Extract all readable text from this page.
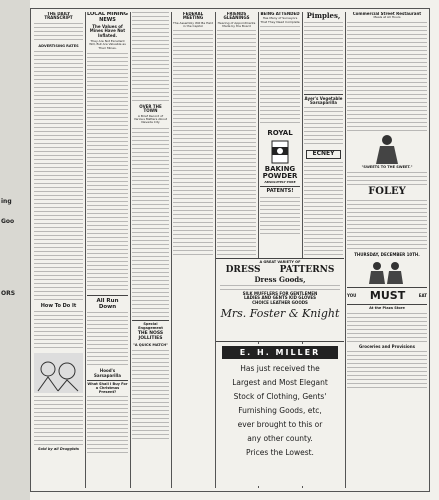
ing
Goo
ORS
THE DAILY TRANSCRIPT
ADVERTISING RATES
How To Do It
Sold by all Druggists
LOCAL MINING NEWS
The Values of Mines Have Not Inflated.
They Are Not Excellent Will, But Are Valuable as Their Mines.
All Run Down
Hood's Sarsaparilla
What Shall I Buy For a Christmas Present?
OVER THE TOWN
A Brief Record of Various Matters About Nevada City
Special Engagement
THE NOSS JOLLITIES
"A QUICK MATCH"
FEDERAL MEETING
The Assembly Will Be Held in the Capitol
FRIENDS GLEANINGS
Hearing of Appointments Made by the Board
BEING ATTENDED
Has Many of Surveyors That They Need Complete
ROYAL
BAKING
POWDER
ABSOLUTELY PURE
PATENTS!
Pimples,
Ayer's Vegetable Sarsaparilla
ECNEY
Commercial Street Restaurant
Meals at All Hours
"SWEETS TO THE SWEET."
FOLEY
THURSDAY, DECEMBER 10TH.
YOU MUST	EAT
At the Plaza Store
Groceries and Provisions
A GREAT VARIETY OF
DRESS PATTERNS
Dress Goods,
SILK MUFFLERS FOR GENTLEMEN
LADIES AND GENTS KID GLOVES
CHOICE LEATHER GOODS
Mrs. Foster & Knight
E. H. MILLER
Has just received the
Largest and Most Elegant
Stock of Clothing, Gents'
Furnishing Goods, etc,
ever brought to this or
any other county.
Prices the Lowest.
